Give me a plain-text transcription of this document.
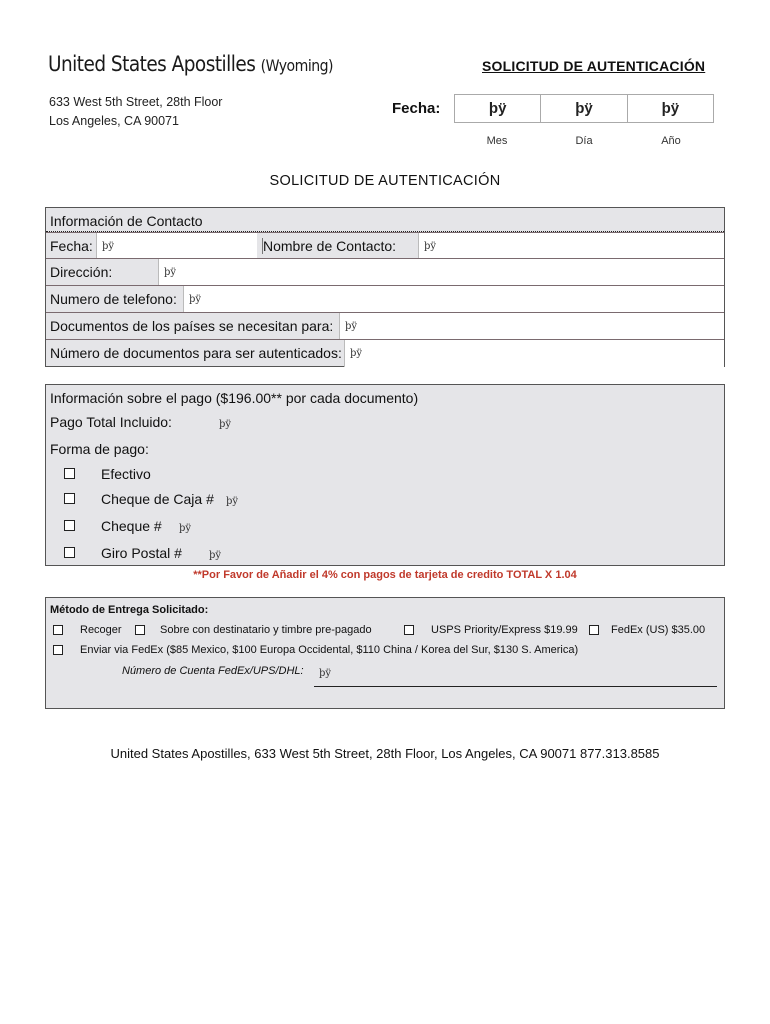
United States Apostilles (Wyoming)
633 West 5th Street, 28th Floor
Los Angeles, CA 90071
SOLICITUD DE AUTENTICACIÓN
Fecha:	þÿ	þÿ	þÿ
Mes	Día	Año
SOLICITUD DE AUTENTICACIÓN
Información de Contacto
Fecha: þÿ	Nombre de Contacto:	þÿ
Dirección:	þÿ
Numero de telefono: þÿ
Documentos de los países se necesitan para: þÿ
Número de documentos para ser autenticados: þÿ
Información sobre el pago ($196.00** por cada documento)
Pago Total Incluido:	þÿ
Forma de pago:
Efectivo
Cheque de Caja # þÿ
Cheque # þÿ
Giro Postal #	þÿ
**Por Favor de Añadir el 4% con pagos de tarjeta de credito TOTAL X 1.04
Método de Entrega Solicitado:
Recoger	Sobre con destinatario y timbre pre-pagado	USPS Priority/Express $19.99	FedEx (US) $35.00
Enviar via FedEx ($85 Mexico, $100 Europa Occidental, $110 China / Korea del Sur, $130 S. America)
Número de Cuenta FedEx/UPS/DHL: þÿ
United States Apostilles, 633 West 5th Street, 28th Floor, Los Angeles, CA 90071 877.313.8585
